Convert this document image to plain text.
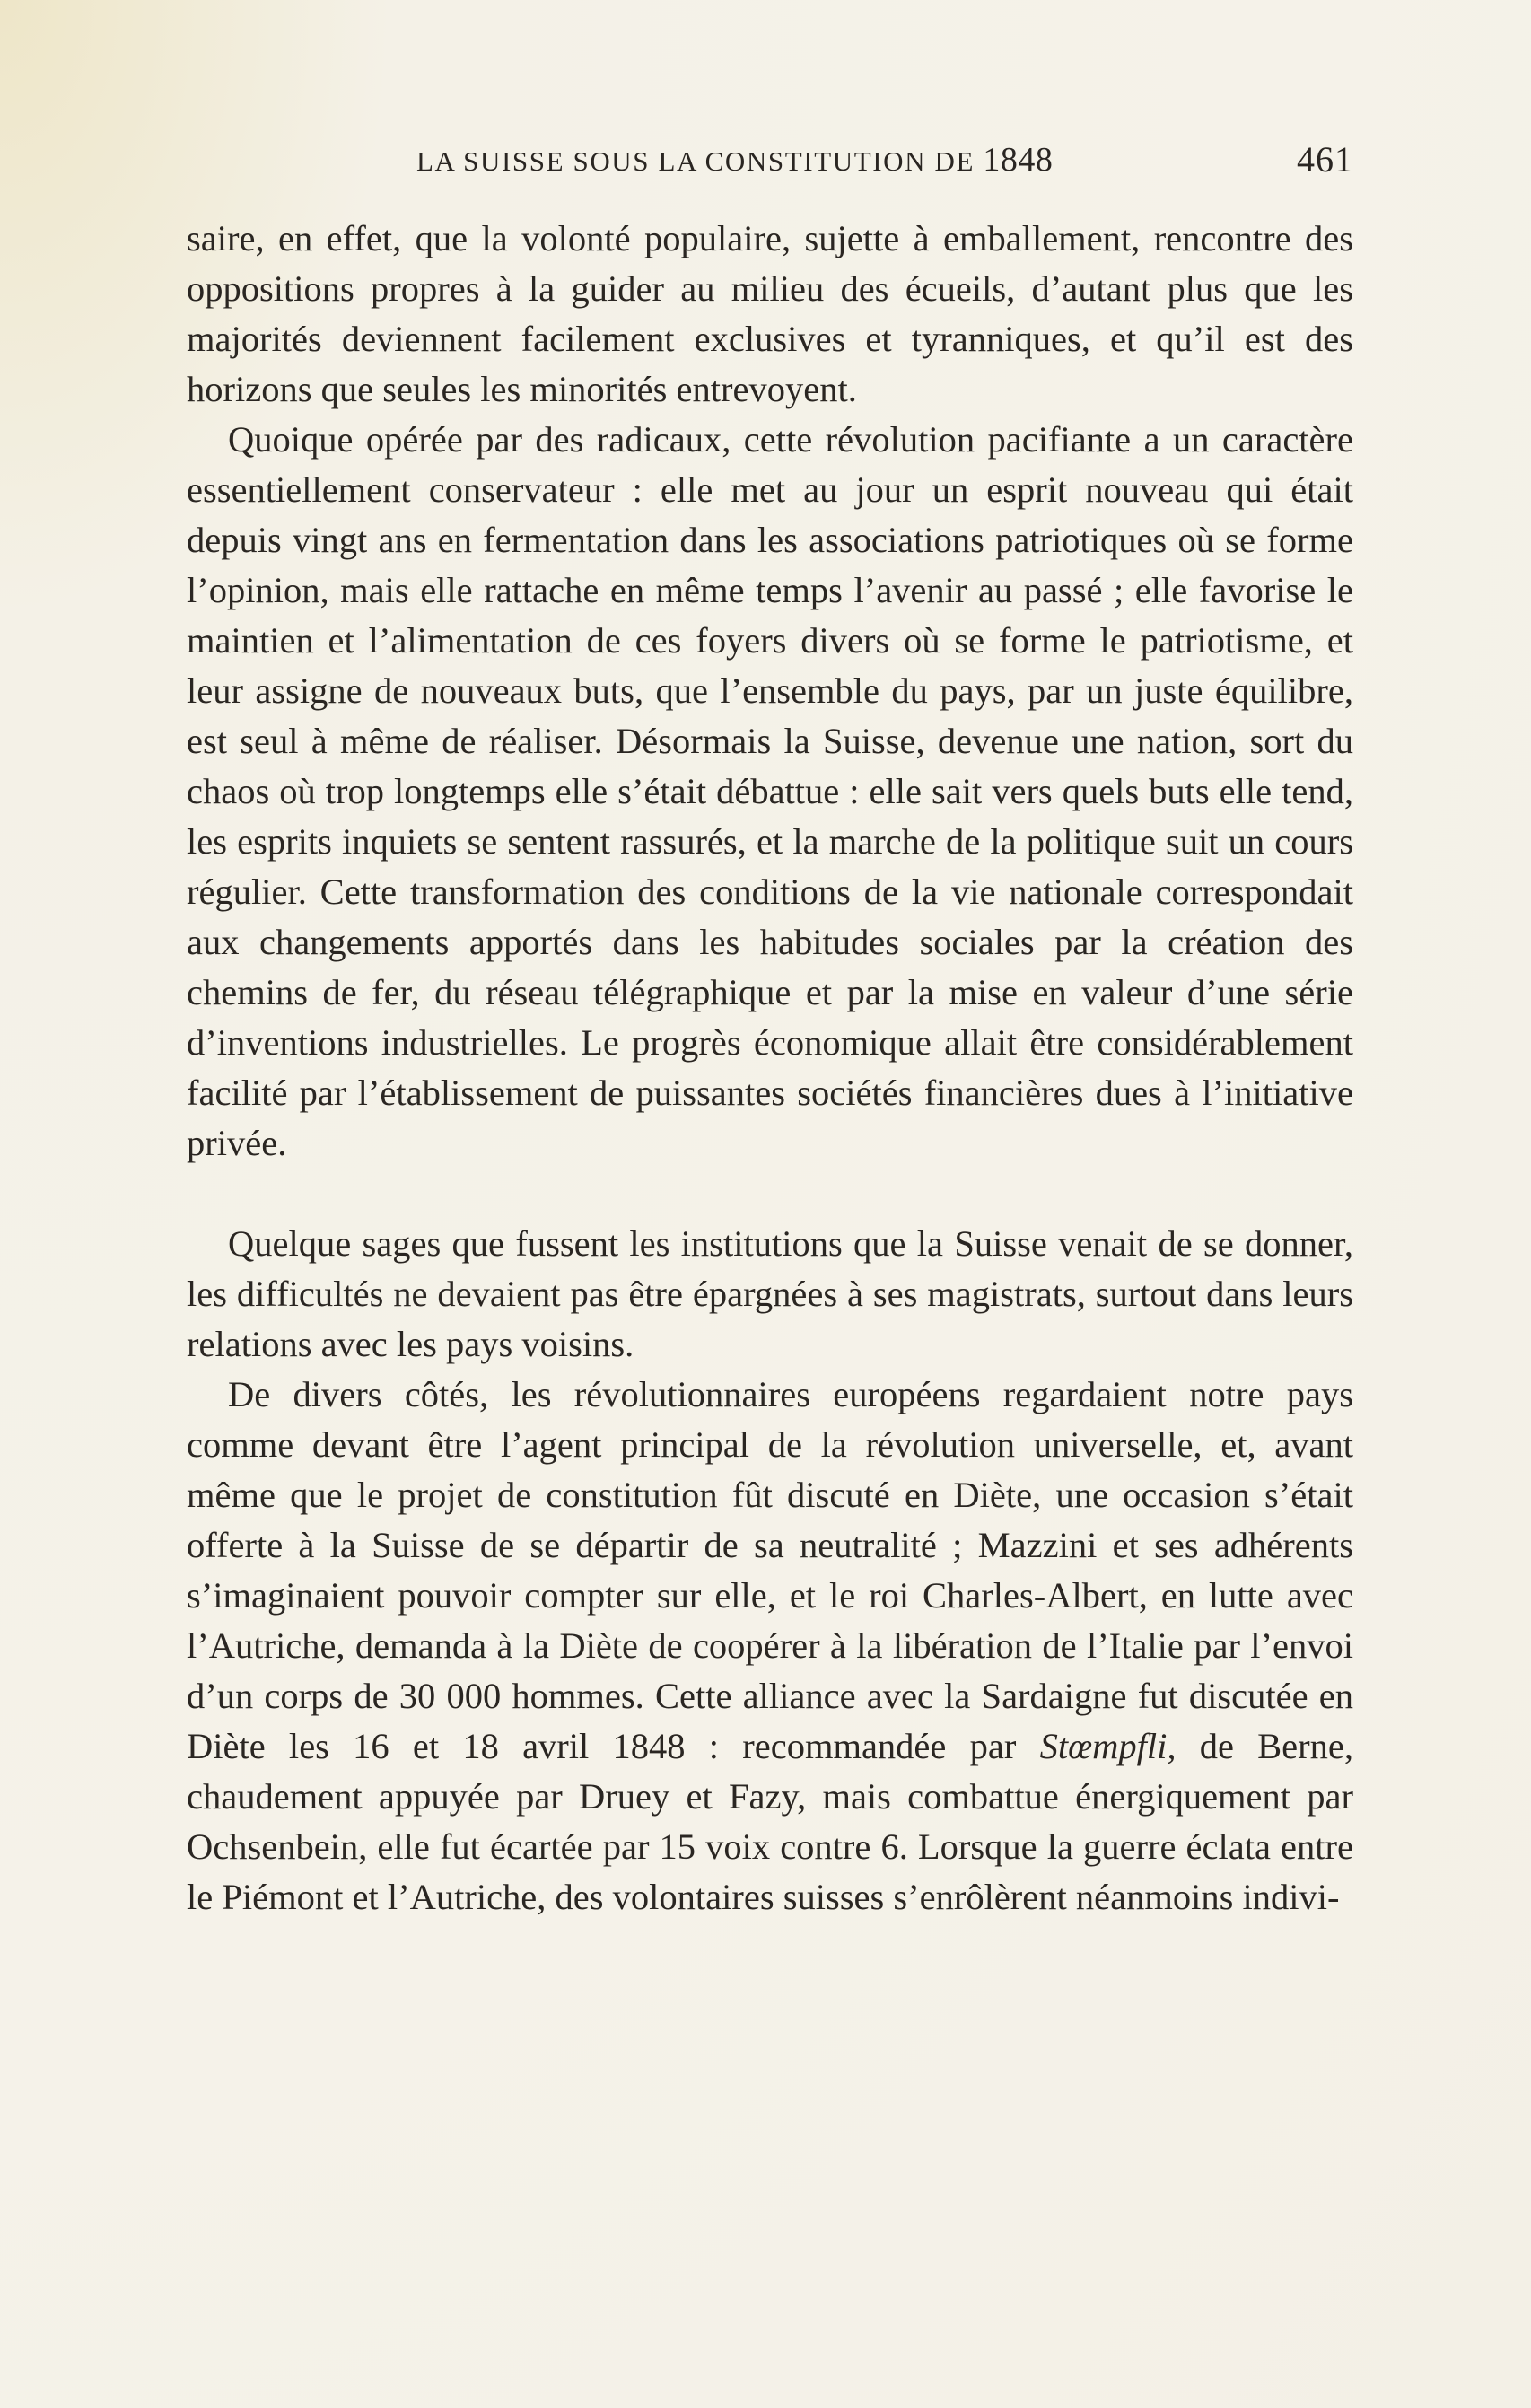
LA SUISSE SOUS LA CONSTITUTION DE 1848	461

saire, en effet, que la volonté populaire, sujette à emballement, rencontre des oppositions propres à la guider au milieu des écueils, d’autant plus que les majorités deviennent facilement exclusives et tyranniques, et qu’il est des horizons que seules les minorités entrevoyent.

Quoique opérée par des radicaux, cette révolution pacifiante a un caractère essentiellement conservateur : elle met au jour un esprit nouveau qui était depuis vingt ans en fermentation dans les associations patriotiques où se forme l’opinion, mais elle rattache en même temps l’avenir au passé ; elle favorise le maintien et l’alimentation de ces foyers divers où se forme le patriotisme, et leur assigne de nouveaux buts, que l’ensemble du pays, par un juste équilibre, est seul à même de réaliser. Désormais la Suisse, devenue une nation, sort du chaos où trop longtemps elle s’était débattue : elle sait vers quels buts elle tend, les esprits inquiets se sentent rassurés, et la marche de la politique suit un cours régulier. Cette transformation des conditions de la vie nationale correspondait aux changements apportés dans les habitudes sociales par la création des chemins de fer, du réseau télégraphique et par la mise en valeur d’une série d’inventions industrielles. Le progrès économique allait être considérablement facilité par l’établissement de puissantes sociétés financières dues à l’initiative privée.

Quelque sages que fussent les institutions que la Suisse venait de se donner, les difficultés ne devaient pas être épargnées à ses magistrats, surtout dans leurs relations avec les pays voisins.

De divers côtés, les révolutionnaires européens regardaient notre pays comme devant être l’agent principal de la révolution universelle, et, avant même que le projet de constitution fût discuté en Diète, une occasion s’était offerte à la Suisse de se départir de sa neutralité ; Mazzini et ses adhérents s’imaginaient pouvoir compter sur elle, et le roi Charles-Albert, en lutte avec l’Autriche, demanda à la Diète de coopérer à la libération de l’Italie par l’envoi d’un corps de 30 000 hommes. Cette alliance avec la Sardaigne fut discutée en Diète les 16 et 18 avril 1848 : recommandée par Stœmpfli, de Berne, chaudement appuyée par Druey et Fazy, mais combattue énergiquement par Ochsenbein, elle fut écartée par 15 voix contre 6. Lorsque la guerre éclata entre le Piémont et l’Autriche, des volontaires suisses s’enrôlèrent néanmoins indivi-
